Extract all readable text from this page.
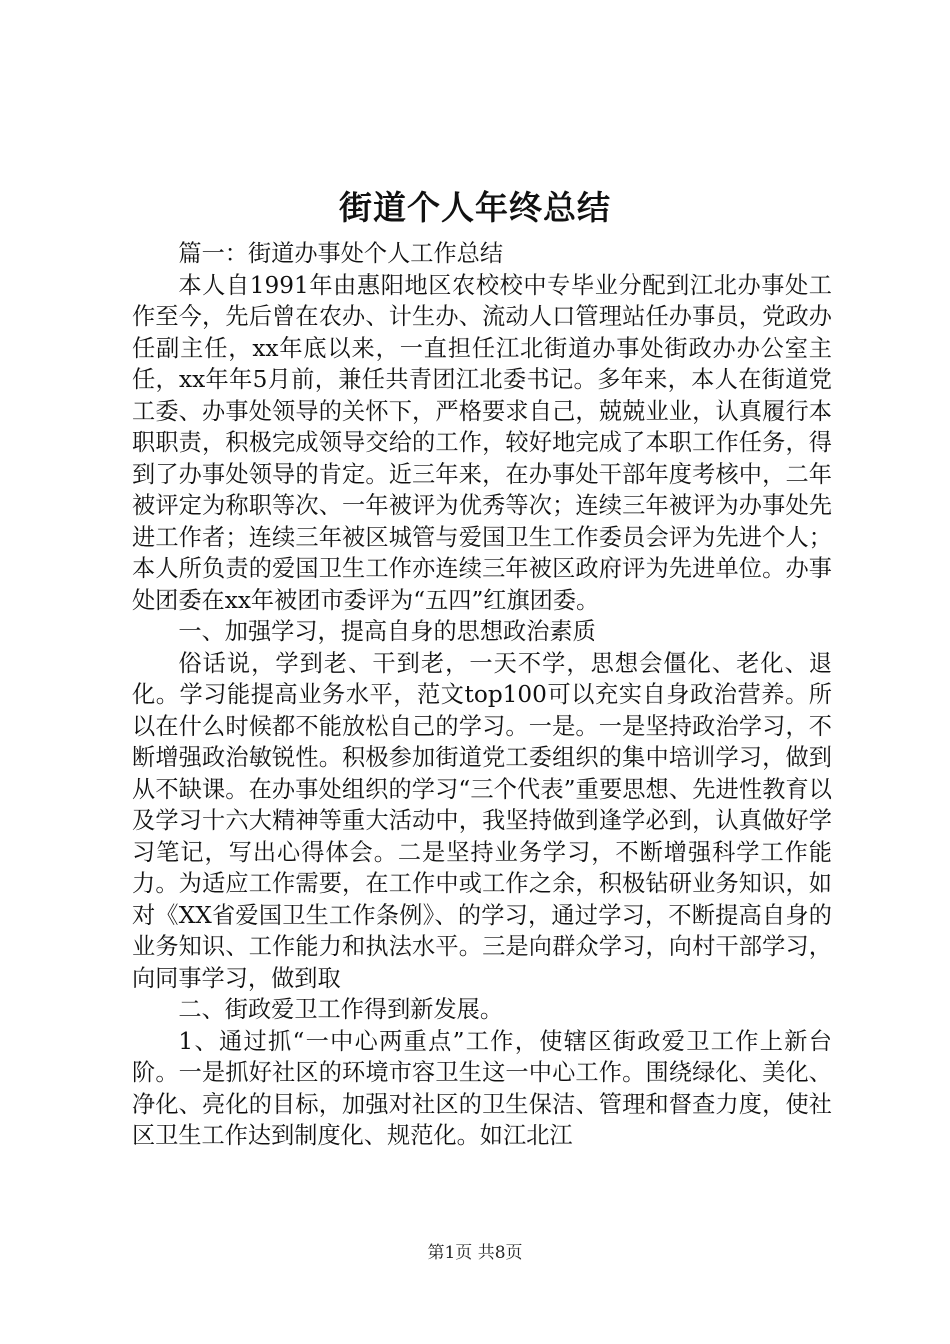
街道个人年终总结

篇一：街道办事处个人工作总结

本人自1991年由惠阳地区农校校中专毕业分配到江北办事处工作至今，先后曾在农办、计生办、流动人口管理站任办事员，党政办任副主任，xx年底以来，一直担任江北街道办事处街政办办公室主任，xx年年5月前，兼任共青团江北委书记。多年来，本人在街道党工委、办事处领导的关怀下，严格要求自己，兢兢业业，认真履行本职职责，积极完成领导交给的工作，较好地完成了本职工作任务，得到了办事处领导的肯定。近三年来，在办事处干部年度考核中，二年被评定为称职等次、一年被评为优秀等次；连续三年被评为办事处先进工作者；连续三年被区城管与爱国卫生工作委员会评为先进个人；本人所负责的爱国卫生工作亦连续三年被区政府评为先进单位。办事处团委在xx年被团市委评为“五四”红旗团委。

一、加强学习，提高自身的思想政治素质

俗话说，学到老、干到老，一天不学，思想会僵化、老化、退化。学习能提高业务水平，范文top100可以充实自身政治营养。所以在什么时候都不能放松自己的学习。一是。一是坚持政治学习，不断增强政治敏锐性。积极参加街道党工委组织的集中培训学习，做到从不缺课。在办事处组织的学习“三个代表”重要思想、先进性教育以及学习十六大精神等重大活动中，我坚持做到逢学必到，认真做好学习笔记，写出心得体会。二是坚持业务学习，不断增强科学工作能力。为适应工作需要，在工作中或工作之余，积极钻研业务知识，如对《XX省爱国卫生工作条例》、的学习，通过学习，不断提高自身的业务知识、工作能力和执法水平。三是向群众学习，向村干部学习，向同事学习，做到取

二、街政爱卫工作得到新发展。

1、通过抓“一中心两重点”工作，使辖区街政爱卫工作上新台阶。一是抓好社区的环境市容卫生这一中心工作。围绕绿化、美化、净化、亮化的目标，加强对社区的卫生保洁、管理和督查力度，使社区卫生工作达到制度化、规范化。如江北江

第1页 共8页
